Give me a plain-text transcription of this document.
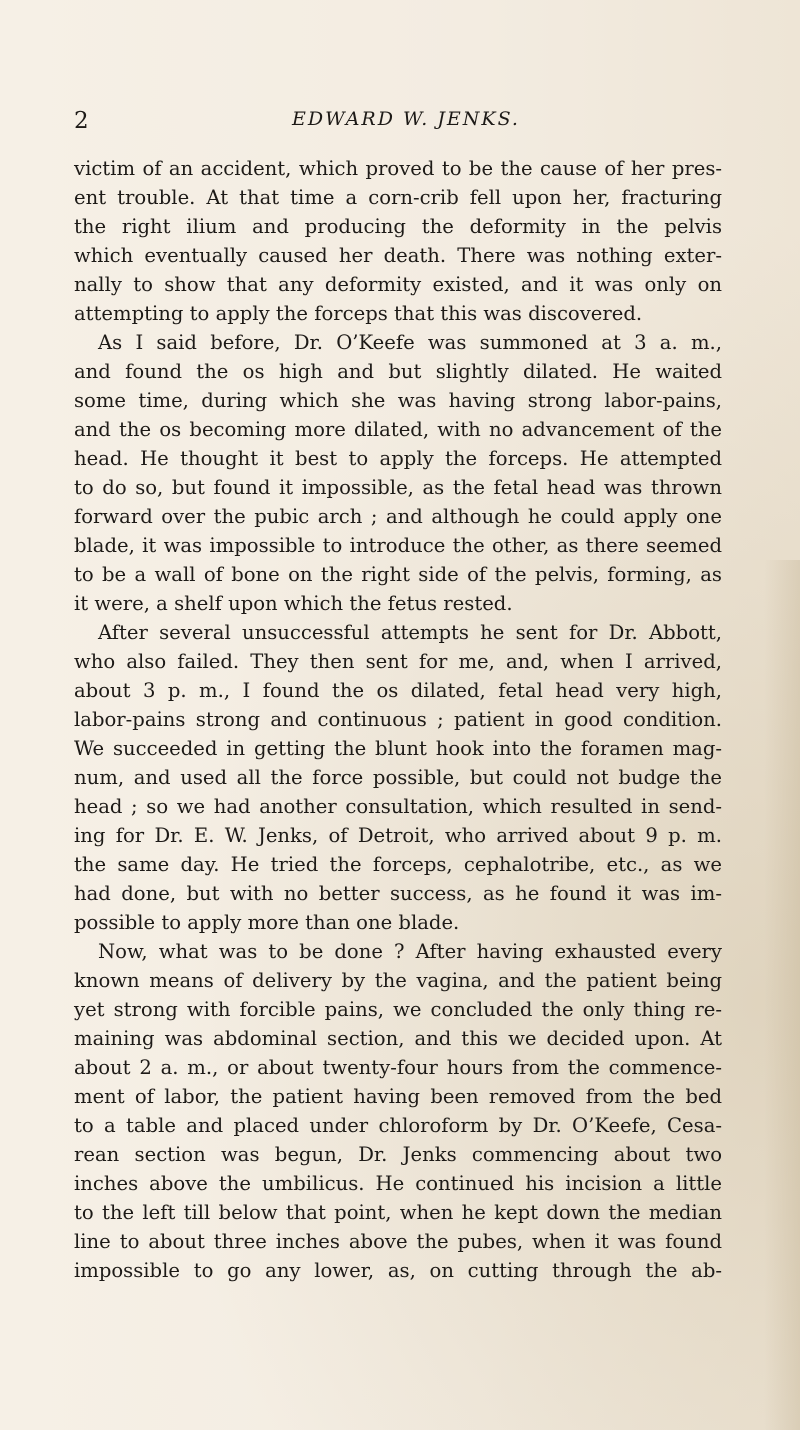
2	EDWARD W. JENKS.
victim of an accident, which proved to be the cause of her pres-
ent trouble. At that time a corn-crib fell upon her, fracturing
the right ilium and producing the deformity in the pelvis
which eventually caused her death. There was nothing exter-
nally to show that any deformity existed, and it was only on
attempting to apply the forceps that this was discovered.
As I said before, Dr. O’Keefe was summoned at 3 a. m.,
and found the os high and but slightly dilated. He waited
some time, during which she was having strong labor-pains,
and the os becoming more dilated, with no advancement of the
head. He thought it best to apply the forceps. He attempted
to do so, but found it impossible, as the fetal head was thrown
forward over the pubic arch ; and although he could apply one
blade, it was impossible to introduce the other, as there seemed
to be a wall of bone on the right side of the pelvis, forming, as
it were, a shelf upon which the fetus rested.
After several unsuccessful attempts he sent for Dr. Abbott,
who also failed. They then sent for me, and, when I arrived,
about 3 p. m., I found the os dilated, fetal head very high,
labor-pains strong and continuous ; patient in good condition.
We succeeded in getting the blunt hook into the foramen mag-
num, and used all the force possible, but could not budge the
head ; so we had another consultation, which resulted in send-
ing for Dr. E. W. Jenks, of Detroit, who arrived about 9 p. m.
the same day. He tried the forceps, cephalotribe, etc., as we
had done, but with no better success, as he found it was im-
possible to apply more than one blade.
Now, what was to be done ? After having exhausted every
known means of delivery by the vagina, and the patient being
yet strong with forcible pains, we concluded the only thing re-
maining was abdominal section, and this we decided upon. At
about 2 a. m., or about twenty-four hours from the commence-
ment of labor, the patient having been removed from the bed
to a table and placed under chloroform by Dr. O’Keefe, Cesa-
rean section was begun, Dr. Jenks commencing about two
inches above the umbilicus. He continued his incision a little
to the left till below that point, when he kept down the median
line to about three inches above the pubes, when it was found
impossible to go any lower, as, on cutting through the ab-
